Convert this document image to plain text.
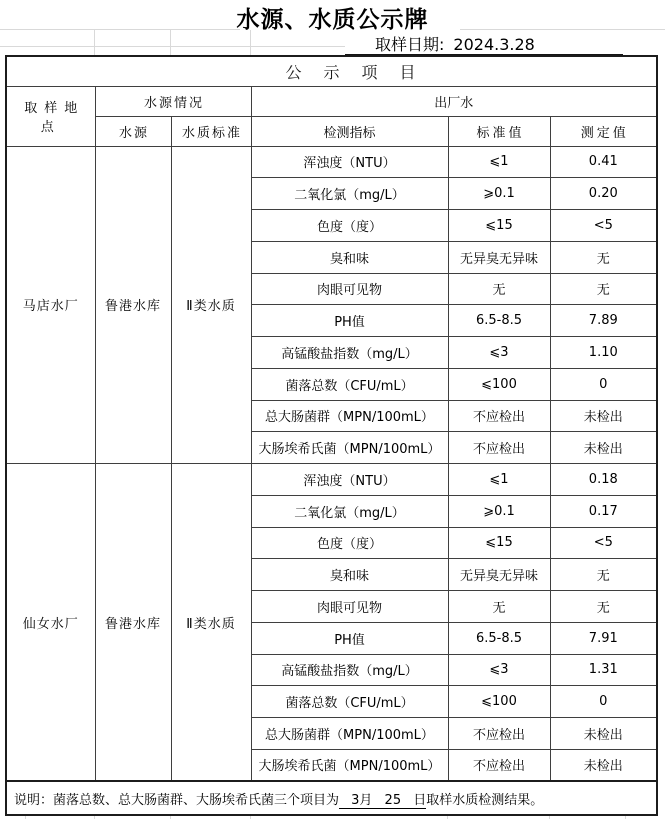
水源、水质公示牌
取样日期: 2024.3.28
公示项目					
取样地点	水源情况		出厂水		
	水源	水质标准	检测指标	标准值	测定值
马店水厂	鲁港水库	Ⅱ类水质	浑浊度（NTU）	⩽1	0.41
			二氧化氯（mg/L）	⩾0.1	0.20
			色度（度）	⩽15	<5
			臭和味	无异臭无异味	无
			肉眼可见物	无	无
			PH值	6.5-8.5	7.89
			高锰酸盐指数（mg/L）	⩽3	1.10
			菌落总数（CFU/mL）	⩽100	0
			总大肠菌群（MPN/100mL）	不应检出	未检出
			大肠埃希氏菌（MPN/100mL）	不应检出	未检出
仙女水厂	鲁港水库	Ⅱ类水质	浑浊度（NTU）	⩽1	0.18
			二氧化氯（mg/L）	⩾0.1	0.17
			色度（度）	⩽15	<5
			臭和味	无异臭无异味	无
			肉眼可见物	无	无
			PH值	6.5-8.5	7.91
			高锰酸盐指数（mg/L）	⩽3	1.31
			菌落总数（CFU/mL）	⩽100	0
			总大肠菌群（MPN/100mL）	不应检出	未检出
			大肠埃希氏菌（MPN/100mL）	不应检出	未检出
说明：菌落总数、总大肠菌群、大肠埃希氏菌三个项目为 3月 25 日取样水质检测结果。					
